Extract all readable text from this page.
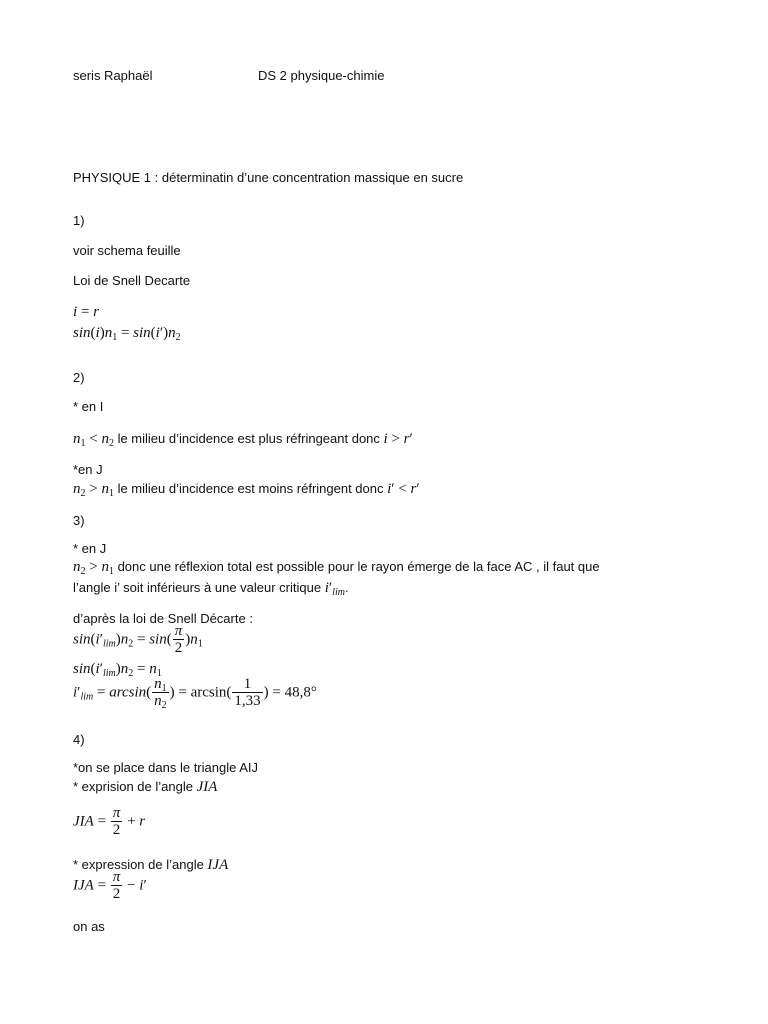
seris Raphaël	DS 2 physique-chimie
PHYSIQUE 1 : déterminatin d’une concentration massique en sucre
1)
voir schema feuille
Loi de Snell Decarte
i = r
$\sin(i)n_1 = \sin(i')n_2$
2)
* en I
$n_1 < n_2$ le milieu d’incidence est plus réfringeant donc i > r′
*en J
$n_2 > n_1$ le milieu d’incidence est moins réfringent donc i′ < r′
3)
* en J
$n_2 > n_1$ donc une réflexion total est possible pour le rayon émerge de la face AC , il faut que
l’angle i’ soit inférieurs à une valeur critique $i'_{lim}$.
d’après la loi de Snell Décarte :
$\sin(i'_{lim})n_2 = \sin( \frac{\pi}{2} )n_1$
$\sin(i'_{lim})n_2 = n_1$
$i'_{lim} = \arcsin( \frac{n_1}{n_2}$ ) = $\arcsin( \frac{1}{1,33}$ ) = 48,8°
4)
*on se place dans le triangle AIJ
* exprision de l’angle JIA
JIA = $\frac{\pi}{2} + r$
* expression de l’angle IJA
IJA = $\frac{\pi}{2} - i'$
on as
